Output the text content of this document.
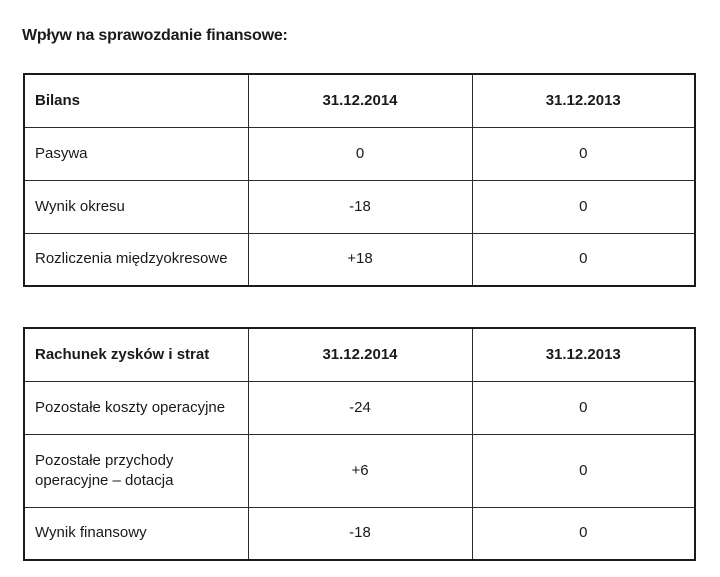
Wpływ na sprawozdanie finansowe:
Bilans	31.12.2014	31.12.2013
Pasywa	0	0
Wynik okresu	-18	0
Rozliczenia międzyokresowe	+18	0
Rachunek zysków i strat	31.12.2014	31.12.2013
Pozostałe koszty operacyjne	-24	0
Pozostałe przychody operacyjne – dotacja	+6	0
Wynik finansowy	-18	0
